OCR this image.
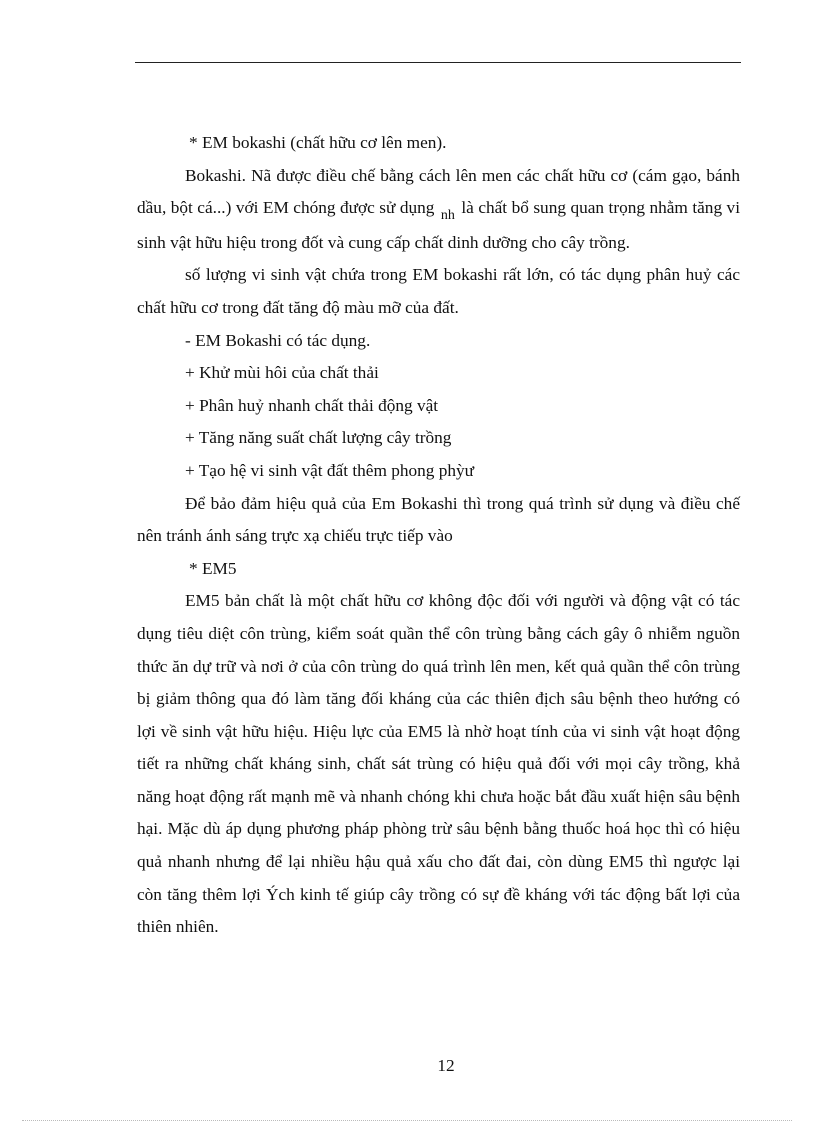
* EM bokashi (chất hữu cơ lên men).

Bokashi. Nã được điều chế bằng cách lên men các chất hữu cơ (cám gạo, bánh dầu, bột cá...) với EM chóng được sử dụng $_{nh}$ là chất bổ sung quan trọng nhằm tăng vi sinh vật hữu hiệu trong đốt và cung cấp chất dinh dưỡng cho cây trồng.

số lượng vi sinh vật chứa trong EM bokashi rất lớn, có tác dụng phân huỷ các chất hữu cơ trong đất tăng độ màu mỡ của đất.

- EM Bokashi có tác dụng.

+ Khử mùi hôi của chất thải

+ Phân huỷ nhanh chất thải động vật

+ Tăng năng suất chất lượng cây trồng

+ Tạo hệ vi sinh vật đất thêm phong phỳư

Để bảo đảm hiệu quả của Em Bokashi thì trong quá trình sử dụng và điều chế nên tránh ánh sáng trực xạ chiếu trực tiếp vào

* EM5

EM5 bản chất là một chất hữu cơ không độc đối với người và động vật có tác dụng tiêu diệt côn trùng, kiểm soát quần thể côn trùng bằng cách gây ô nhiễm nguồn thức ăn dự trữ và nơi ở của côn trùng do quá trình lên men, kết quả quần thể côn trùng bị giảm thông qua đó làm tăng đối kháng của các thiên địch sâu bệnh theo hướng có lợi về sinh vật hữu hiệu. Hiệu lực của EM5 là nhờ hoạt tính của vi sinh vật hoạt động tiết ra những chất kháng sinh, chất sát trùng có hiệu quả đối với mọi cây trồng, khả năng hoạt động rất mạnh mẽ và nhanh chóng khi chưa hoặc bắt đầu xuất hiện sâu bệnh hại. Mặc dù áp dụng phương pháp phòng trừ sâu bệnh bằng thuốc hoá học thì có hiệu quả nhanh nhưng để lại nhiều hậu quả xấu cho đất đai, còn dùng EM5 thì ngược lại còn tăng thêm lợi Ých kinh tế giúp cây trồng có sự đề kháng với tác động bất lợi của thiên nhiên.

12
